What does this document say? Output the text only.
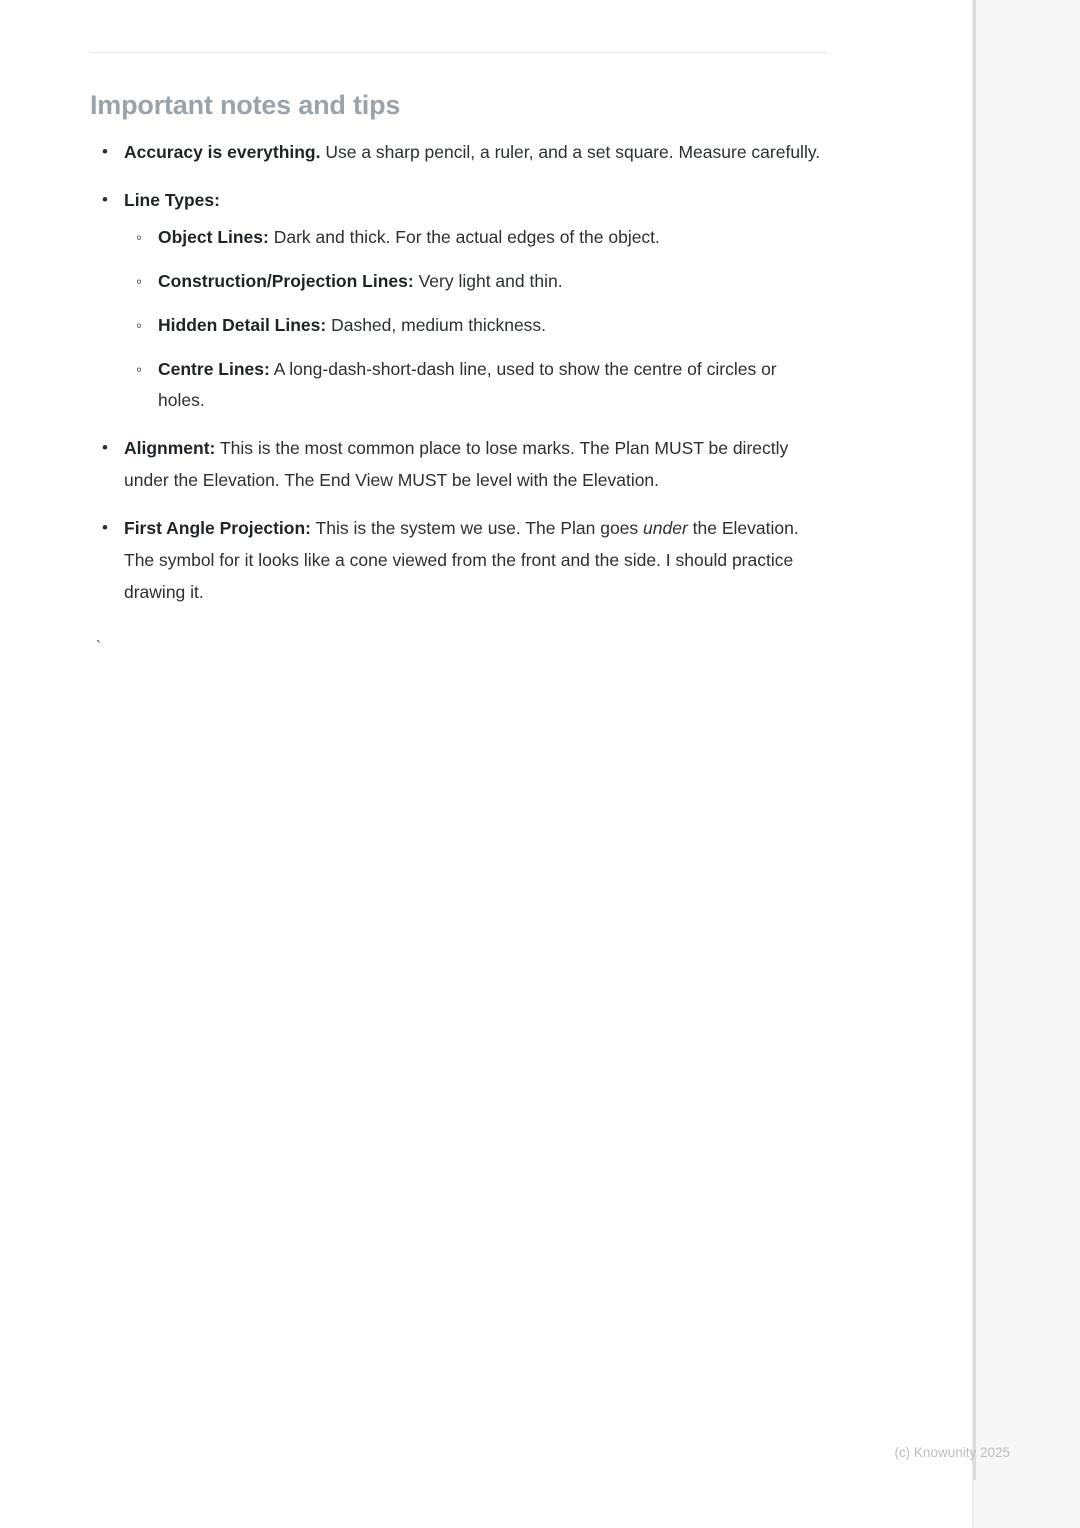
Important notes and tips
• Accuracy is everything. Use a sharp pencil, a ruler, and a set square. Measure carefully.
• Line Types:
◦ Object Lines: Dark and thick. For the actual edges of the object.
◦ Construction/Projection Lines: Very light and thin.
◦ Hidden Detail Lines: Dashed, medium thickness.
◦ Centre Lines: A long-dash-short-dash line, used to show the centre of circles or holes.
• Alignment: This is the most common place to lose marks. The Plan MUST be directly under the Elevation. The End View MUST be level with the Elevation.
• First Angle Projection: This is the system we use. The Plan goes under the Elevation. The symbol for it looks like a cone viewed from the front and the side. I should practice drawing it.
`
(c) Knowunity 2025
